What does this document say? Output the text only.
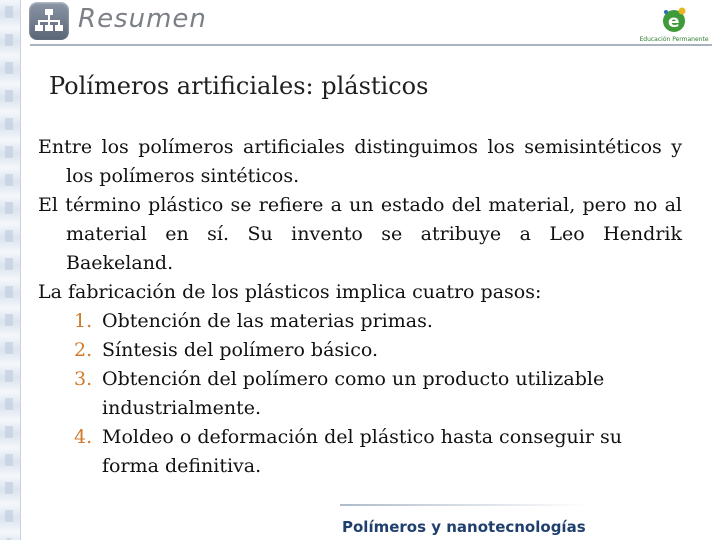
Resumen	e
Educación Permanente
Polímeros artificiales: plásticos

Entre los polímeros artificiales distinguimos los semisintéticos y los polímeros sintéticos.

El término plástico se refiere a un estado del material, pero no al material en sí. Su invento se atribuye a Leo Hendrik Baekeland.

La fabricación de los plásticos implica cuatro pasos:

1. Obtención de las materias primas.
2. Síntesis del polímero básico.
3. Obtención del polímero como un producto utilizable industrialmente.
4. Moldeo o deformación del plástico hasta conseguir su forma definitiva.
Polímeros y nanotecnologías
